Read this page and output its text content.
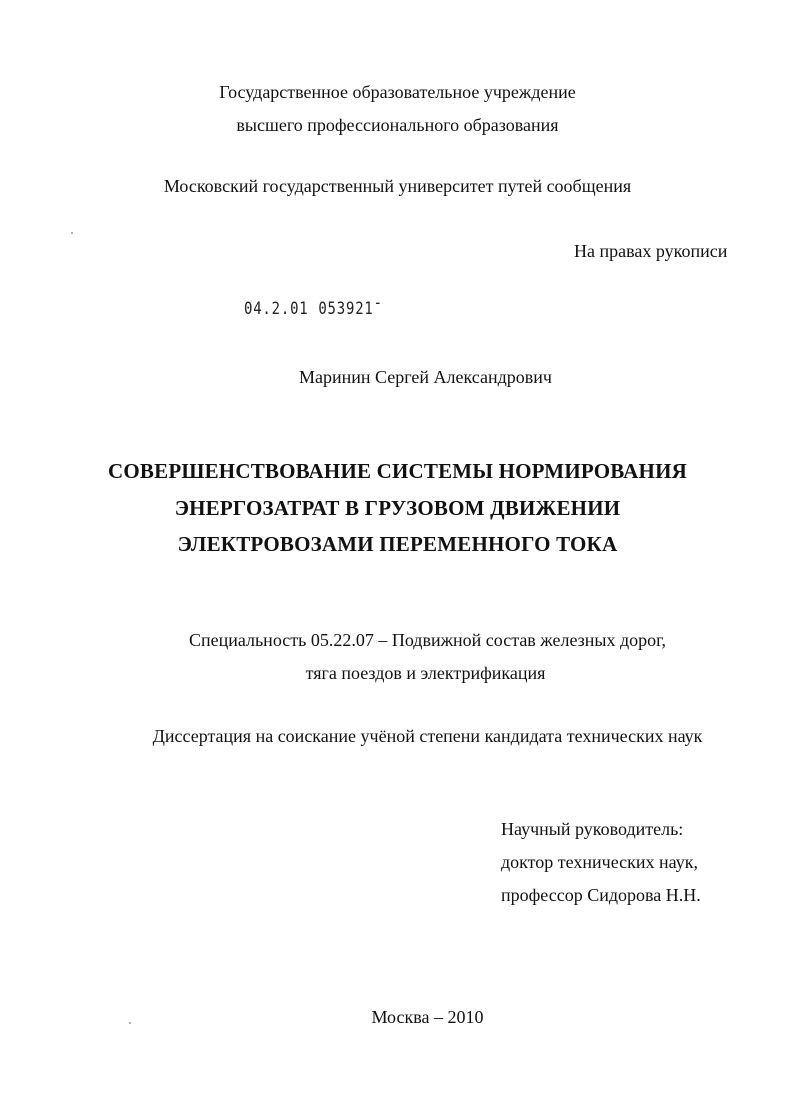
Государственное образовательное учреждение
высшего профессионального образования
Московский государственный университет путей сообщения
На правах рукописи
04.2.01 053921-
Маринин Сергей Александрович
СОВЕРШЕНСТВОВАНИЕ СИСТЕМЫ НОРМИРОВАНИЯ
ЭНЕРГОЗАТРАТ В ГРУЗОВОМ ДВИЖЕНИИ
ЭЛЕКТРОВОЗАМИ ПЕРЕМЕННОГО ТОКА
Специальность 05.22.07 – Подвижной состав железных дорог,
тяга поездов и электрификация
Диссертация на соискание учёной степени кандидата технических наук
Научный руководитель:
доктор технических наук,
профессор Сидорова Н.Н.
Москва – 2010
